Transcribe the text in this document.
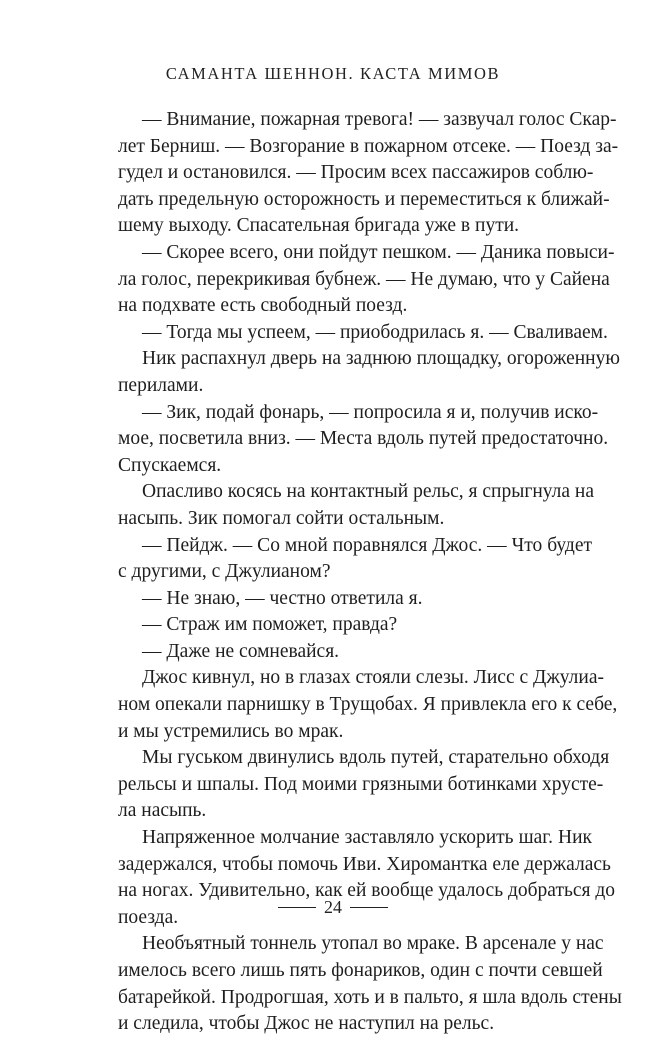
САМАНТА ШЕННОН. КАСТА МИМОВ

— Внимание, пожарная тревога! — зазвучал голос Скар-
лет Берниш. — Возгорание в пожарном отсеке. — Поезд за-
гудел и остановился. — Просим всех пассажиров соблю-
дать предельную осторожность и переместиться к ближай-
шему выходу. Спасательная бригада уже в пути.

— Скорее всего, они пойдут пешком. — Даника повыси-
ла голос, перекрикивая бубнеж. — Не думаю, что у Сайена
на подхвате есть свободный поезд.

— Тогда мы успеем, — приободрилась я. — Сваливаем.

Ник распахнул дверь на заднюю площадку, огороженную
перилами.

— Зик, подай фонарь, — попросила я и, получив иско-
мое, посветила вниз. — Места вдоль путей предостаточно.
Спускаемся.

Опасливо косясь на контактный рельс, я спрыгнула на
насыпь. Зик помогал сойти остальным.

— Пейдж. — Со мной поравнялся Джос. — Что будет
с другими, с Джулианом?

— Не знаю, — честно ответила я.

— Страж им поможет, правда?

— Даже не сомневайся.

Джос кивнул, но в глазах стояли слезы. Лисс с Джулиа-
ном опекали парнишку в Трущобах. Я привлекла его к себе,
и мы устремились во мрак.

Мы гуськом двинулись вдоль путей, старательно обходя
рельсы и шпалы. Под моими грязными ботинками хрусте-
ла насыпь.

Напряженное молчание заставляло ускорить шаг. Ник
задержался, чтобы помочь Иви. Хиромантка еле держалась
на ногах. Удивительно, как ей вообще удалось добраться до
поезда.

Необъятный тоннель утопал во мраке. В арсенале у нас
имелось всего лишь пять фонариков, один с почти севшей
батарейкой. Продрогшая, хоть и в пальто, я шла вдоль стены
и следила, чтобы Джос не наступил на рельс.

24
